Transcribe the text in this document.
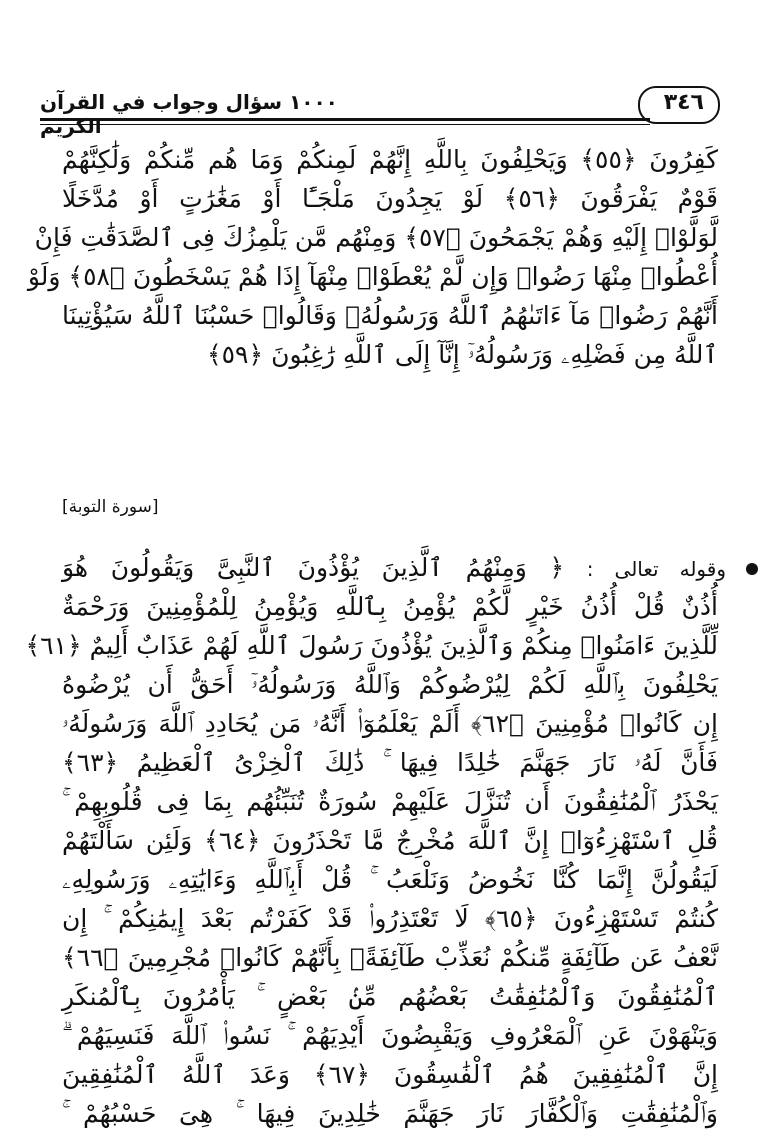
١٠٠٠ سؤال وجواب في القرآن الكريم
٣٤٦
كَفِرُونَ ﴿٥٥﴾ وَيَحْلِفُونَ بِاللَّهِ إِنَّهُمْ لَمِنكُمْ وَمَا هُم مِّنكُمْ وَلَٰكِنَّهُمْ
قَوْمٌ يَفْرَقُونَ ﴿٥٦﴾ لَوْ يَجِدُونَ مَلْجَـًٔا أَوْ مَغَٰرَٰتٍ أَوْ مُدَّخَلًا
لَّوَلَّوْا۟ إِلَيْهِ وَهُمْ يَجْمَحُونَ ﴿٥٧﴾ وَمِنْهُم مَّن يَلْمِزُكَ فِى ٱلصَّدَقَٰتِ فَإِنْ
أُعْطُوا۟ مِنْهَا رَضُوا۟ وَإِن لَّمْ يُعْطَوْا۟ مِنْهَآ إِذَا هُمْ يَسْخَطُونَ ﴿٥٨﴾ وَلَوْ
أَنَّهُمْ رَضُوا۟ مَآ ءَاتَىٰهُمُ ٱللَّهُ وَرَسُولُهُۥ وَقَالُوا۟ حَسْبُنَا ٱللَّهُ سَيُؤْتِينَا
ٱللَّهُ مِن فَضْلِهِۦ وَرَسُولُهُۥٓ إِنَّآ إِلَى ٱللَّهِ رَٰغِبُونَ ﴿٥٩﴾
[سورة التوبة]
وقوله تعالى : ﴿ وَمِنْهُمُ ٱلَّذِينَ يُؤْذُونَ ٱلنَّبِىَّ وَيَقُولُونَ هُوَ
أُذُنٌ قُلْ أُذُنُ خَيْرٍ لَّكُمْ يُؤْمِنُ بِٱللَّهِ وَيُؤْمِنُ لِلْمُؤْمِنِينَ وَرَحْمَةٌ
لِّلَّذِينَ ءَامَنُوا۟ مِنكُمْ وَٱلَّذِينَ يُؤْذُونَ رَسُولَ ٱللَّهِ لَهُمْ عَذَابٌ أَلِيمٌ ﴿٦١﴾
يَحْلِفُونَ بِٱللَّهِ لَكُمْ لِيُرْضُوكُمْ وَٱللَّهُ وَرَسُولُهُۥٓ أَحَقُّ أَن يُرْضُوهُ
إِن كَانُوا۟ مُؤْمِنِينَ ﴿٦٢﴾ أَلَمْ يَعْلَمُوٓا۟ أَنَّهُۥ مَن يُحَادِدِ ٱللَّهَ وَرَسُولَهُۥ
فَأَنَّ لَهُۥ نَارَ جَهَنَّمَ خَٰلِدًا فِيهَا ۚ ذَٰلِكَ ٱلْخِزْىُ ٱلْعَظِيمُ ﴿٦٣﴾
يَحْذَرُ ٱلْمُنَٰفِقُونَ أَن تُنَزَّلَ عَلَيْهِمْ سُورَةٌ تُنَبِّئُهُم بِمَا فِى قُلُوبِهِمْ ۚ
قُلِ ٱسْتَهْزِءُوٓا۟ إِنَّ ٱللَّهَ مُخْرِجٌ مَّا تَحْذَرُونَ ﴿٦٤﴾ وَلَئِن سَأَلْتَهُمْ
لَيَقُولُنَّ إِنَّمَا كُنَّا نَخُوضُ وَنَلْعَبُ ۚ قُلْ أَبِٱللَّهِ وَءَايَٰتِهِۦ وَرَسُولِهِۦ
كُنتُمْ تَسْتَهْزِءُونَ ﴿٦٥﴾ لَا تَعْتَذِرُوا۟ قَدْ كَفَرْتُم بَعْدَ إِيمَٰنِكُمْ ۚ إِن
نَّعْفُ عَن طَآئِفَةٍ مِّنكُمْ نُعَذِّبْ طَآئِفَةًۢ بِأَنَّهُمْ كَانُوا۟ مُجْرِمِينَ ﴿٦٦﴾
ٱلْمُنَٰفِقُونَ وَٱلْمُنَٰفِقَٰتُ بَعْضُهُم مِّنۢ بَعْضٍ ۚ يَأْمُرُونَ بِٱلْمُنكَرِ
وَيَنْهَوْنَ عَنِ ٱلْمَعْرُوفِ وَيَقْبِضُونَ أَيْدِيَهُمْ ۚ نَسُوا۟ ٱللَّهَ فَنَسِيَهُمْ ۗ
إِنَّ ٱلْمُنَٰفِقِينَ هُمُ ٱلْفَٰسِقُونَ ﴿٦٧﴾ وَعَدَ ٱللَّهُ ٱلْمُنَٰفِقِينَ
وَٱلْمُنَٰفِقَٰتِ وَٱلْكُفَّارَ نَارَ جَهَنَّمَ خَٰلِدِينَ فِيهَا ۚ هِىَ حَسْبُهُمْ ۚ
